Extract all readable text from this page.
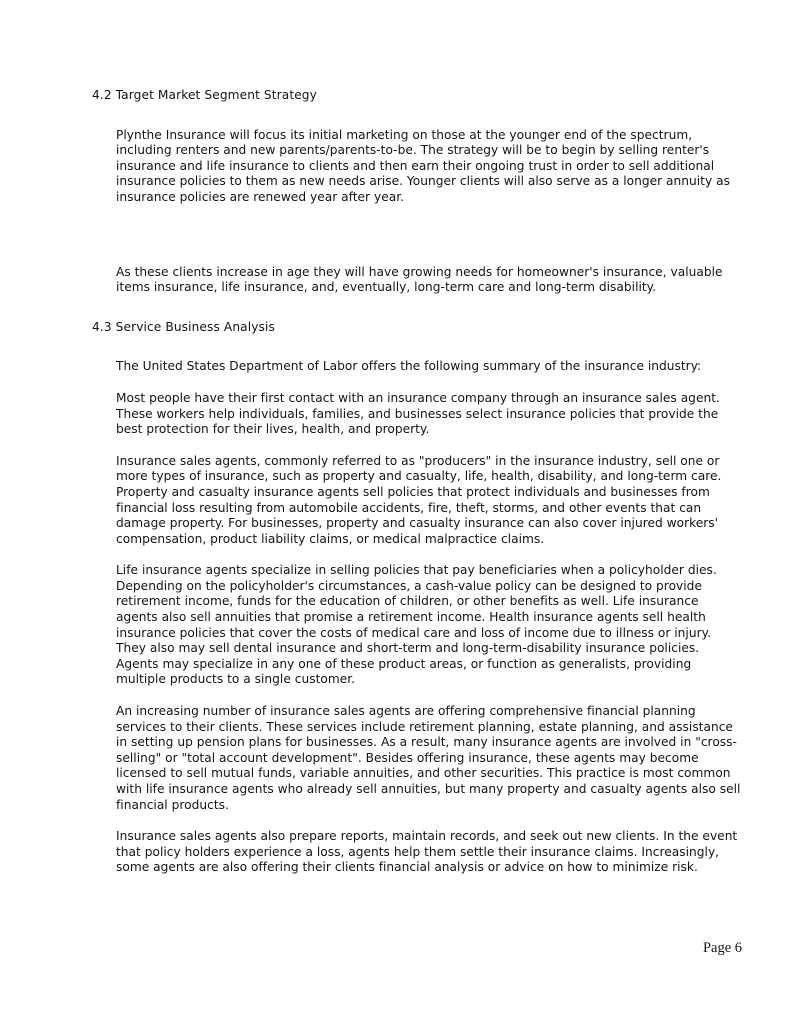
4.2 Target Market Segment Strategy

Plynthe Insurance will focus its initial marketing on those at the younger end of the spectrum, including renters and new parents/parents-to-be. The strategy will be to begin by selling renter's insurance and life insurance to clients and then earn their ongoing trust in order to sell additional insurance policies to them as new needs arise. Younger clients will also serve as a longer annuity as insurance policies are renewed year after year.

As these clients increase in age they will have growing needs for homeowner's insurance, valuable items insurance, life insurance, and, eventually, long-term care and long-term disability.

4.3 Service Business Analysis

The United States Department of Labor offers the following summary of the insurance industry:

Most people have their first contact with an insurance company through an insurance sales agent. These workers help individuals, families, and businesses select insurance policies that provide the best protection for their lives, health, and property.

Insurance sales agents, commonly referred to as "producers" in the insurance industry, sell one or more types of insurance, such as property and casualty, life, health, disability, and long-term care. Property and casualty insurance agents sell policies that protect individuals and businesses from financial loss resulting from automobile accidents, fire, theft, storms, and other events that can damage property. For businesses, property and casualty insurance can also cover injured workers' compensation, product liability claims, or medical malpractice claims.

Life insurance agents specialize in selling policies that pay beneficiaries when a policyholder dies. Depending on the policyholder's circumstances, a cash-value policy can be designed to provide retirement income, funds for the education of children, or other benefits as well. Life insurance agents also sell annuities that promise a retirement income. Health insurance agents sell health insurance policies that cover the costs of medical care and loss of income due to illness or injury. They also may sell dental insurance and short-term and long-term-disability insurance policies. Agents may specialize in any one of these product areas, or function as generalists, providing multiple products to a single customer.

An increasing number of insurance sales agents are offering comprehensive financial planning services to their clients. These services include retirement planning, estate planning, and assistance in setting up pension plans for businesses. As a result, many insurance agents are involved in "cross-selling" or "total account development". Besides offering insurance, these agents may become licensed to sell mutual funds, variable annuities, and other securities. This practice is most common with life insurance agents who already sell annuities, but many property and casualty agents also sell financial products.

Insurance sales agents also prepare reports, maintain records, and seek out new clients. In the event that policy holders experience a loss, agents help them settle their insurance claims. Increasingly, some agents are also offering their clients financial analysis or advice on how to minimize risk.

Page 6
